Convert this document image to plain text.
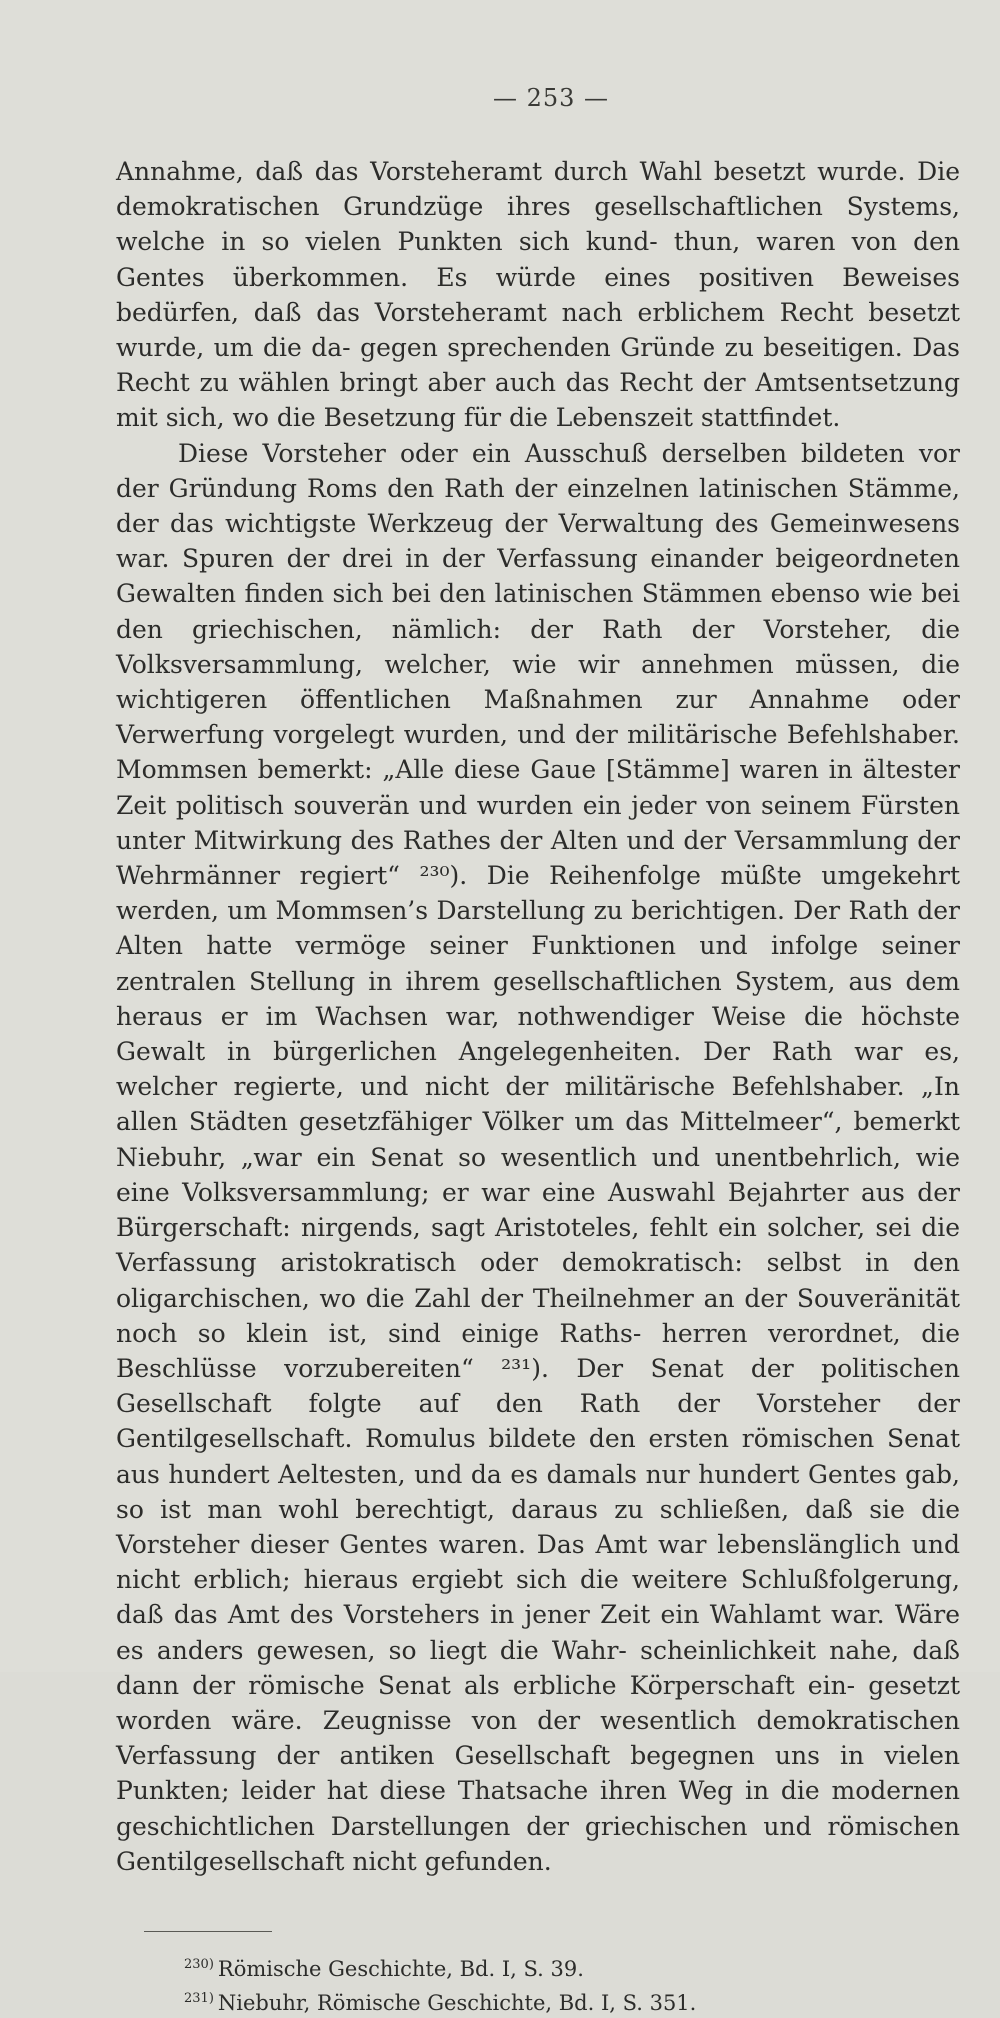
— 253 —

Annahme, daß das Vorsteheramt durch Wahl besetzt wurde. Die demokratischen Grundzüge ihres gesellschaftlichen Systems, welche in so vielen Punkten sich kund- thun, waren von den Gentes überkommen. Es würde eines positiven Beweises bedürfen, daß das Vorsteheramt nach erblichem Recht besetzt wurde, um die da- gegen sprechenden Gründe zu beseitigen. Das Recht zu wählen bringt aber auch das Recht der Amtsentsetzung mit sich, wo die Besetzung für die Lebenszeit stattfindet.

Diese Vorsteher oder ein Ausschuß derselben bildeten vor der Gründung Roms den Rath der einzelnen latinischen Stämme, der das wichtigste Werkzeug der Verwaltung des Gemeinwesens war. Spuren der drei in der Verfassung einander beigeordneten Gewalten finden sich bei den latinischen Stämmen ebenso wie bei den griechischen, nämlich: der Rath der Vorsteher, die Volksversammlung, welcher, wie wir annehmen müssen, die wichtigeren öffentlichen Maßnahmen zur Annahme oder Verwerfung vorgelegt wurden, und der militärische Befehlshaber. Mommsen bemerkt: „Alle diese Gaue [Stämme] waren in ältester Zeit politisch souverän und wurden ein jeder von seinem Fürsten unter Mitwirkung des Rathes der Alten und der Versammlung der Wehrmänner regiert“ ²³⁰). Die Reihenfolge müßte umgekehrt werden, um Mommsen’s Darstellung zu berichtigen. Der Rath der Alten hatte vermöge seiner Funktionen und infolge seiner zentralen Stellung in ihrem gesellschaftlichen System, aus dem heraus er im Wachsen war, nothwendiger Weise die höchste Gewalt in bürgerlichen Angelegenheiten. Der Rath war es, welcher regierte, und nicht der militärische Befehlshaber. „In allen Städten gesetzfähiger Völker um das Mittelmeer“, bemerkt Niebuhr, „war ein Senat so wesentlich und unentbehrlich, wie eine Volksversammlung; er war eine Auswahl Bejahrter aus der Bürgerschaft: nirgends, sagt Aristoteles, fehlt ein solcher, sei die Verfassung aristokratisch oder demokratisch: selbst in den oligarchischen, wo die Zahl der Theilnehmer an der Souveränität noch so klein ist, sind einige Raths- herren verordnet, die Beschlüsse vorzubereiten“ ²³¹). Der Senat der politischen Gesellschaft folgte auf den Rath der Vorsteher der Gentilgesellschaft. Romulus bildete den ersten römischen Senat aus hundert Aeltesten, und da es damals nur hundert Gentes gab, so ist man wohl berechtigt, daraus zu schließen, daß sie die Vorsteher dieser Gentes waren. Das Amt war lebenslänglich und nicht erblich; hieraus ergiebt sich die weitere Schlußfolgerung, daß das Amt des Vorstehers in jener Zeit ein Wahlamt war. Wäre es anders gewesen, so liegt die Wahr- scheinlichkeit nahe, daß dann der römische Senat als erbliche Körperschaft ein- gesetzt worden wäre. Zeugnisse von der wesentlich demokratischen Verfassung der antiken Gesellschaft begegnen uns in vielen Punkten; leider hat diese Thatsache ihren Weg in die modernen geschichtlichen Darstellungen der griechischen und römischen Gentilgesellschaft nicht gefunden.

$^{230)}$ Römische Geschichte, Bd. I, S. 39.

$^{231)}$ Niebuhr, Römische Geschichte, Bd. I, S. 351.
